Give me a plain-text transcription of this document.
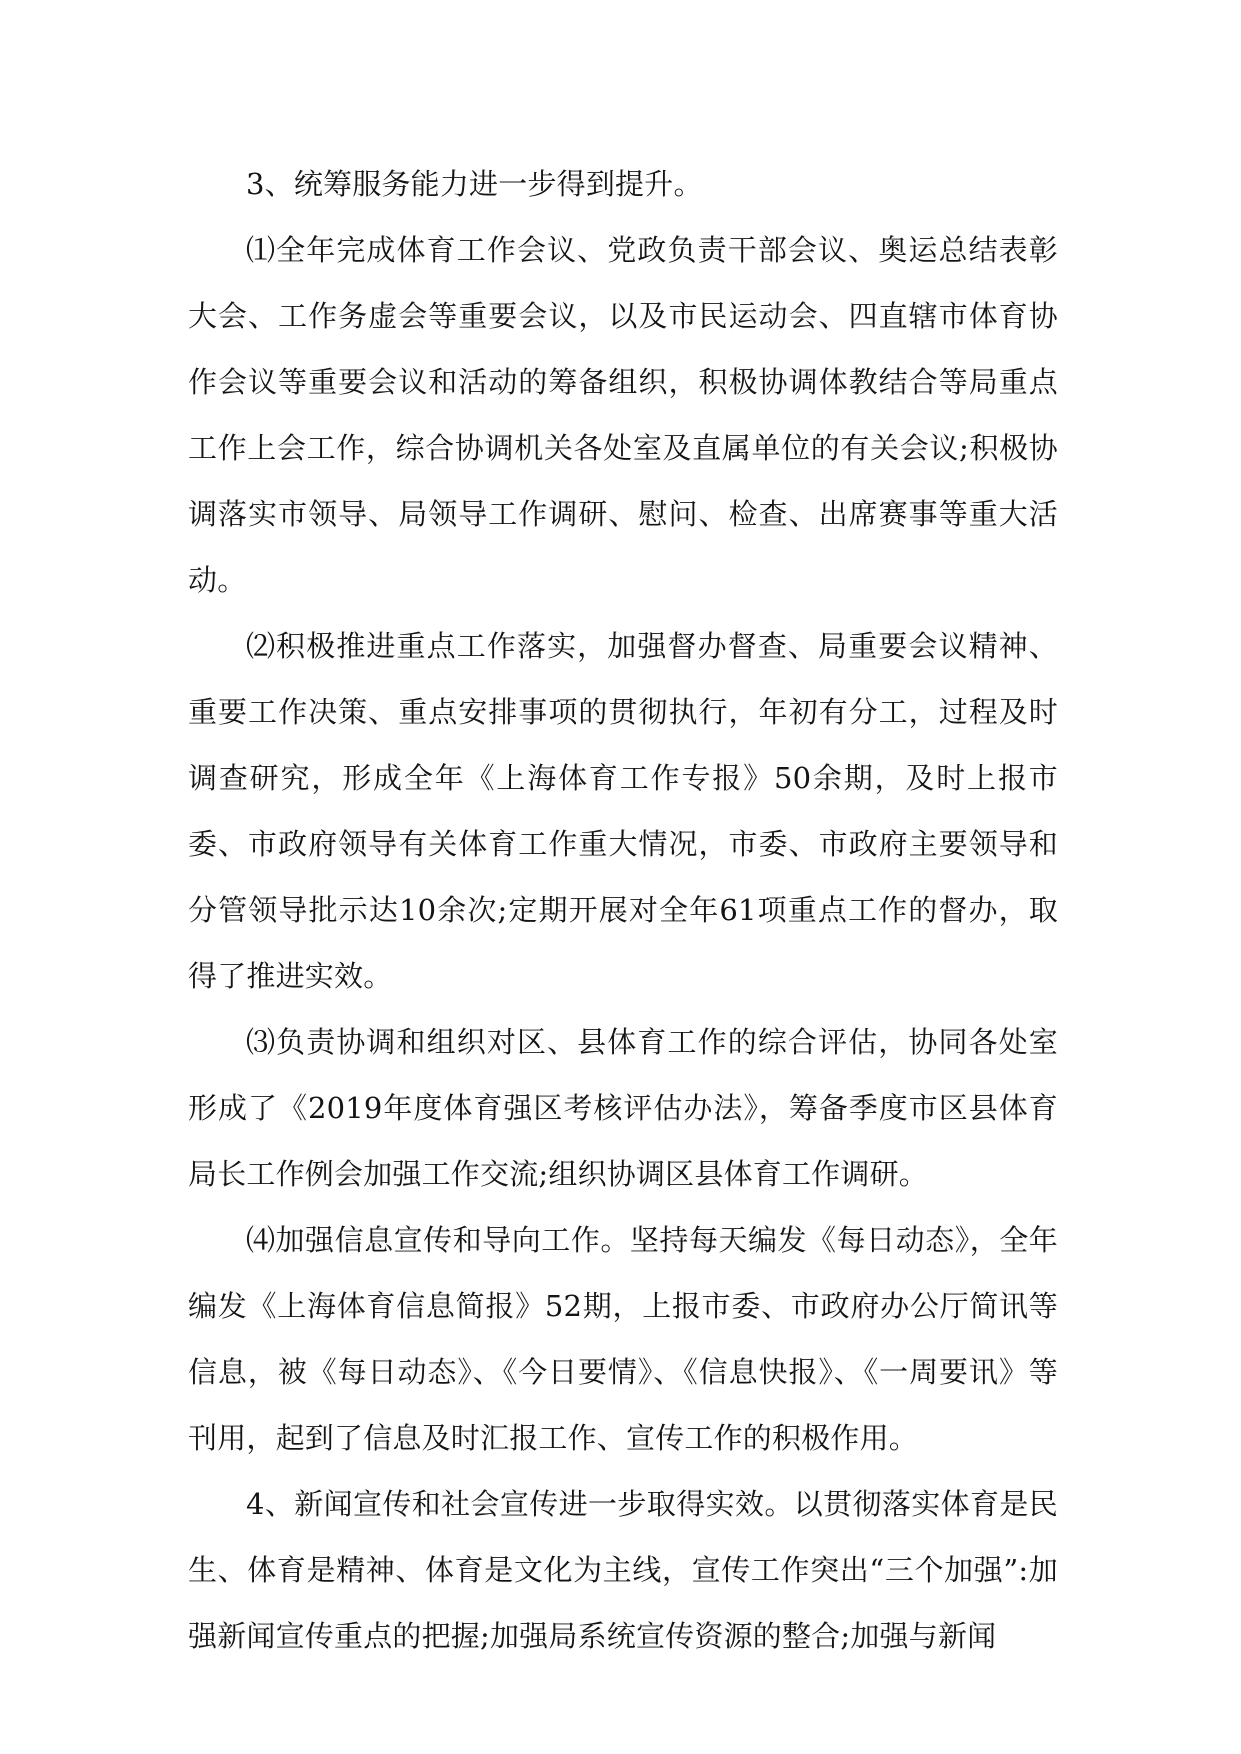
3、统筹服务能力进一步得到提升。

⑴全年完成体育工作会议、党政负责干部会议、奥运总结表彰大会、工作务虚会等重要会议，以及市民运动会、四直辖市体育协作会议等重要会议和活动的筹备组织，积极协调体教结合等局重点工作上会工作，综合协调机关各处室及直属单位的有关会议;积极协调落实市领导、局领导工作调研、慰问、检查、出席赛事等重大活动。

⑵积极推进重点工作落实，加强督办督查、局重要会议精神、重要工作决策、重点安排事项的贯彻执行，年初有分工，过程及时调查研究，形成全年《上海体育工作专报》50余期，及时上报市委、市政府领导有关体育工作重大情况，市委、市政府主要领导和分管领导批示达10余次;定期开展对全年61项重点工作的督办，取得了推进实效。

⑶负责协调和组织对区、县体育工作的综合评估，协同各处室形成了《2019年度体育强区考核评估办法》，筹备季度市区县体育局长工作例会加强工作交流;组织协调区县体育工作调研。

⑷加强信息宣传和导向工作。坚持每天编发《每日动态》，全年编发《上海体育信息简报》52期，上报市委、市政府办公厅简讯等信息，被《每日动态》、《今日要情》、《信息快报》、《一周要讯》等刊用，起到了信息及时汇报工作、宣传工作的积极作用。

4、新闻宣传和社会宣传进一步取得实效。以贯彻落实体育是民生、体育是精神、体育是文化为主线，宣传工作突出“三个加强”:加强新闻宣传重点的把握;加强局系统宣传资源的整合;加强与新闻
